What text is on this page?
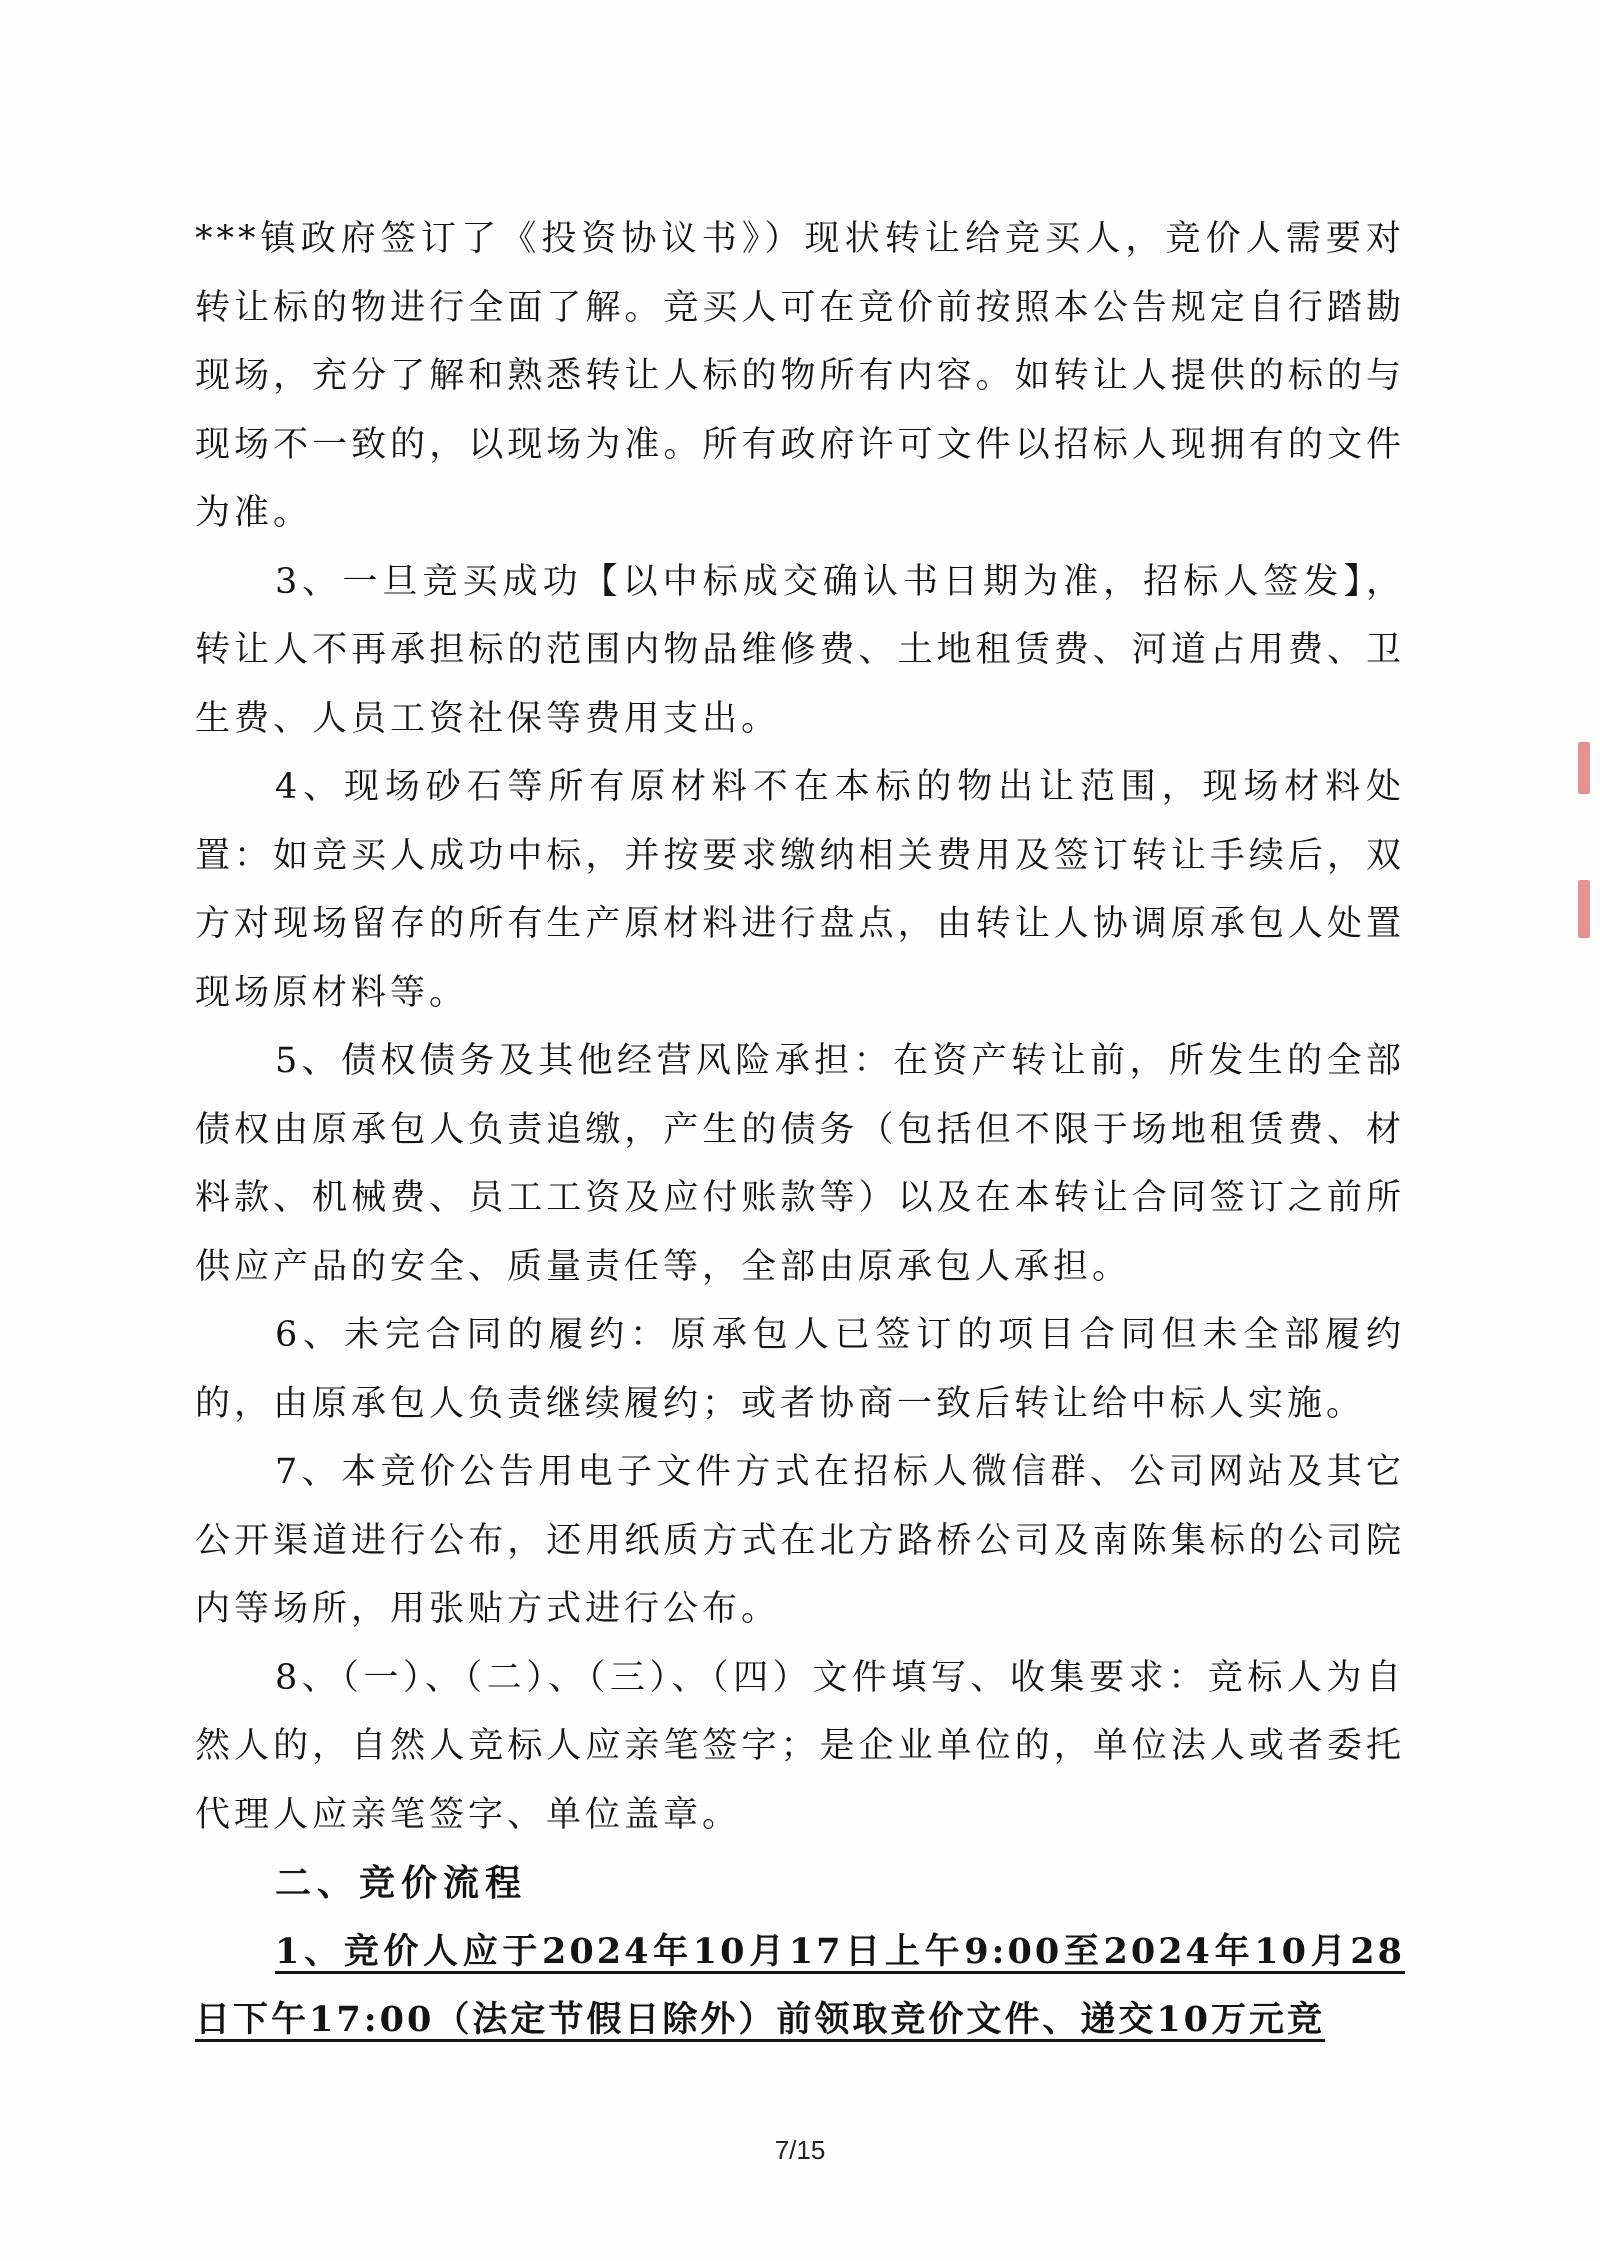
***镇政府签订了《投资协议书》）现状转让给竞买人，竞价人需要对转让标的物进行全面了解。竞买人可在竞价前按照本公告规定自行踏勘现场，充分了解和熟悉转让人标的物所有内容。如转让人提供的标的与现场不一致的，以现场为准。所有政府许可文件以招标人现拥有的文件为准。

3、一旦竞买成功【以中标成交确认书日期为准，招标人签发】，转让人不再承担标的范围内物品维修费、土地租赁费、河道占用费、卫生费、人员工资社保等费用支出。

4、现场砂石等所有原材料不在本标的物出让范围，现场材料处置：如竞买人成功中标，并按要求缴纳相关费用及签订转让手续后，双方对现场留存的所有生产原材料进行盘点，由转让人协调原承包人处置现场原材料等。

5、债权债务及其他经营风险承担：在资产转让前，所发生的全部债权由原承包人负责追缴，产生的债务（包括但不限于场地租赁费、材料款、机械费、员工工资及应付账款等）以及在本转让合同签订之前所供应产品的安全、质量责任等，全部由原承包人承担。

6、未完合同的履约：原承包人已签订的项目合同但未全部履约的，由原承包人负责继续履约；或者协商一致后转让给中标人实施。

7、本竞价公告用电子文件方式在招标人微信群、公司网站及其它公开渠道进行公布，还用纸质方式在北方路桥公司及南陈集标的公司院内等场所，用张贴方式进行公布。

8、（一）、（二）、（三）、（四）文件填写、收集要求：竞标人为自然人的，自然人竞标人应亲笔签字；是企业单位的，单位法人或者委托代理人应亲笔签字、单位盖章。

二、竞价流程

1、竞价人应于2024年10月17日上午9:00至2024年10月28日下午17:00（法定节假日除外）前领取竞价文件、递交10万元竞

7/15
